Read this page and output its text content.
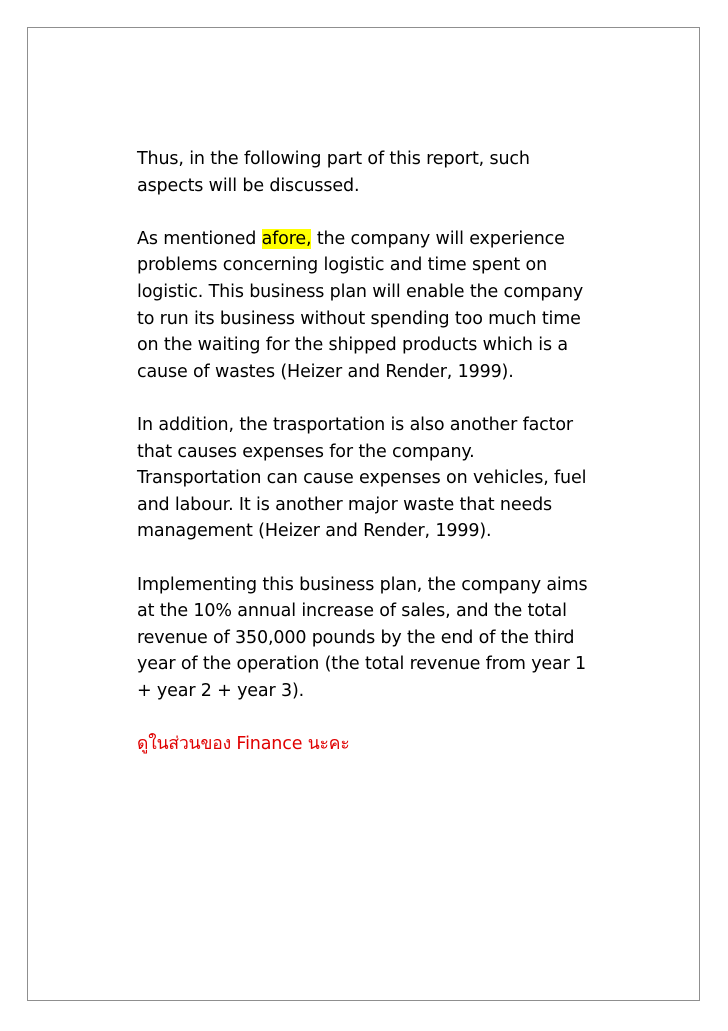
Thus, in the following part of this report, such
aspects will be discussed.

As mentioned afore, the company will experience
problems concerning logistic and time spent on
logistic. This business plan will enable the company
to run its business without spending too much time
on the waiting for the shipped products which is a
cause of wastes (Heizer and Render, 1999).

In addition, the trasportation is also another factor
that causes expenses for the company.
Transportation can cause expenses on vehicles, fuel
and labour. It is another major waste that needs
management (Heizer and Render, 1999).

Implementing this business plan, the company aims
at the 10% annual increase of sales, and the total
revenue of 350,000 pounds by the end of the third
year of the operation (the total revenue from year 1
+ year 2 + year 3).

ดูในส่วนของ Finance นะคะ
